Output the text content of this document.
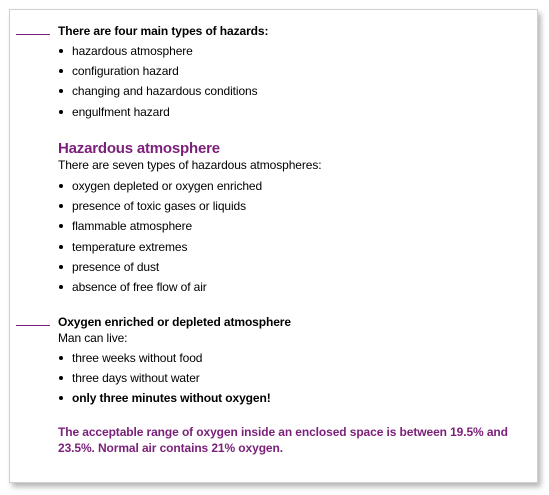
There are four main types of hazards:
hazardous atmosphere
configuration hazard
changing and hazardous conditions
engulfment hazard
Hazardous atmosphere
There are seven types of hazardous atmospheres:
oxygen depleted or oxygen enriched
presence of toxic gases or liquids
flammable atmosphere
temperature extremes
presence of dust
absence of free flow of air
Oxygen enriched or depleted atmosphere
Man can live:
three weeks without food
three days without water
only three minutes without oxygen!
The acceptable range of oxygen inside an enclosed space is between 19.5% and 23.5%. Normal air contains 21% oxygen.
